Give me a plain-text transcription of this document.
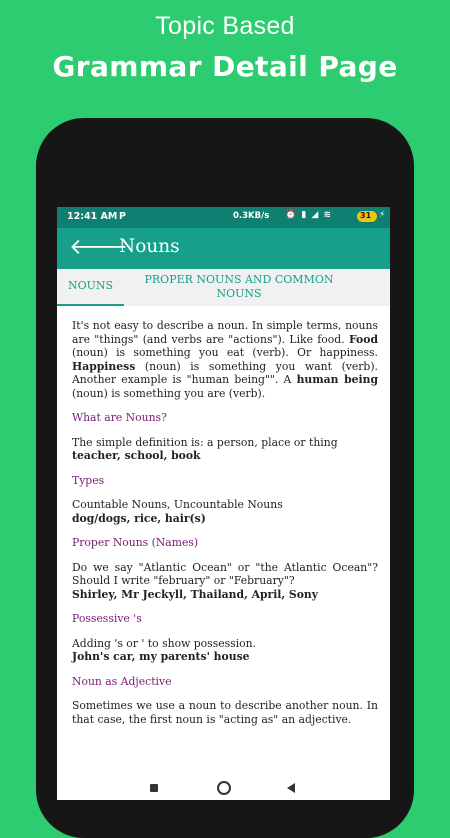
Topic Based
Grammar Detail Page
12:41 AM P	0.3KB/s ⏰ ▮ ◢ ≋	31 ⚡
🡐
Nouns
NOUNS	PROPER NOUNS AND COMMON NOUNS

It's not easy to describe a noun. In simple terms, nouns are "things" (and verbs are "actions"). Like food. Food (noun) is something you eat (verb). Or happiness. Happiness (noun) is something you want (verb). Another example is "human being"". A human being (noun) is something you are (verb).

What are Nouns?

The simple definition is: a person, place or thing

teacher, school, book

Types

Countable Nouns, Uncountable Nouns

dog/dogs, rice, hair(s)

Proper Nouns (Names)

Do we say "Atlantic Ocean" or "the Atlantic Ocean"? Should I write "february" or "February"?

Shirley, Mr Jeckyll, Thailand, April, Sony

Possessive 's

Adding 's or ' to show possession.

John's car, my parents' house

Noun as Adjective

Sometimes we use a noun to describe another noun. In that case, the first noun is "acting as" an adjective.
